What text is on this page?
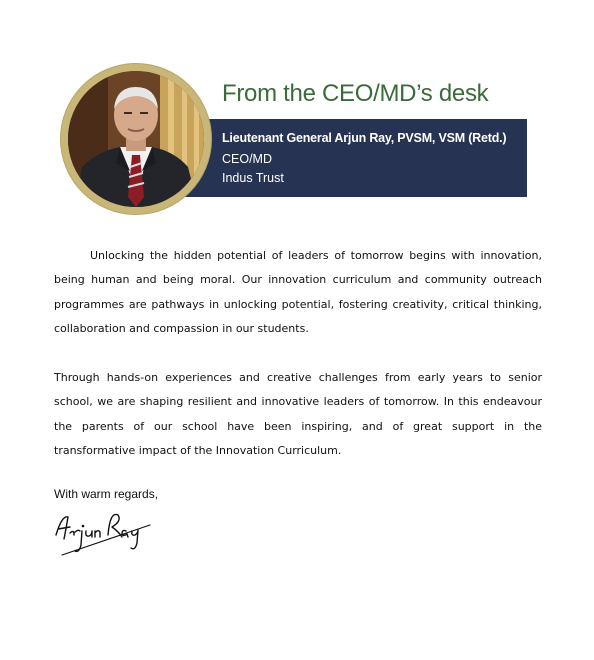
From the CEO/MD’s desk
Lieutenant General Arjun Ray, PVSM, VSM (Retd.)
CEO/MD
Indus Trust
Unlocking the hidden potential of leaders of tomorrow begins with innovation, being human and being moral. Our innovation curriculum and community outreach programmes are pathways in unlocking potential, fostering creativity, critical thinking, collaboration and compassion in our students.
Through hands-on experiences and creative challenges from early years to senior school, we are shaping resilient and innovative leaders of tomorrow. In this endeavour the parents of our school have been inspiring, and of great support in the transformative impact of the Innovation Curriculum.
With warm regards,
